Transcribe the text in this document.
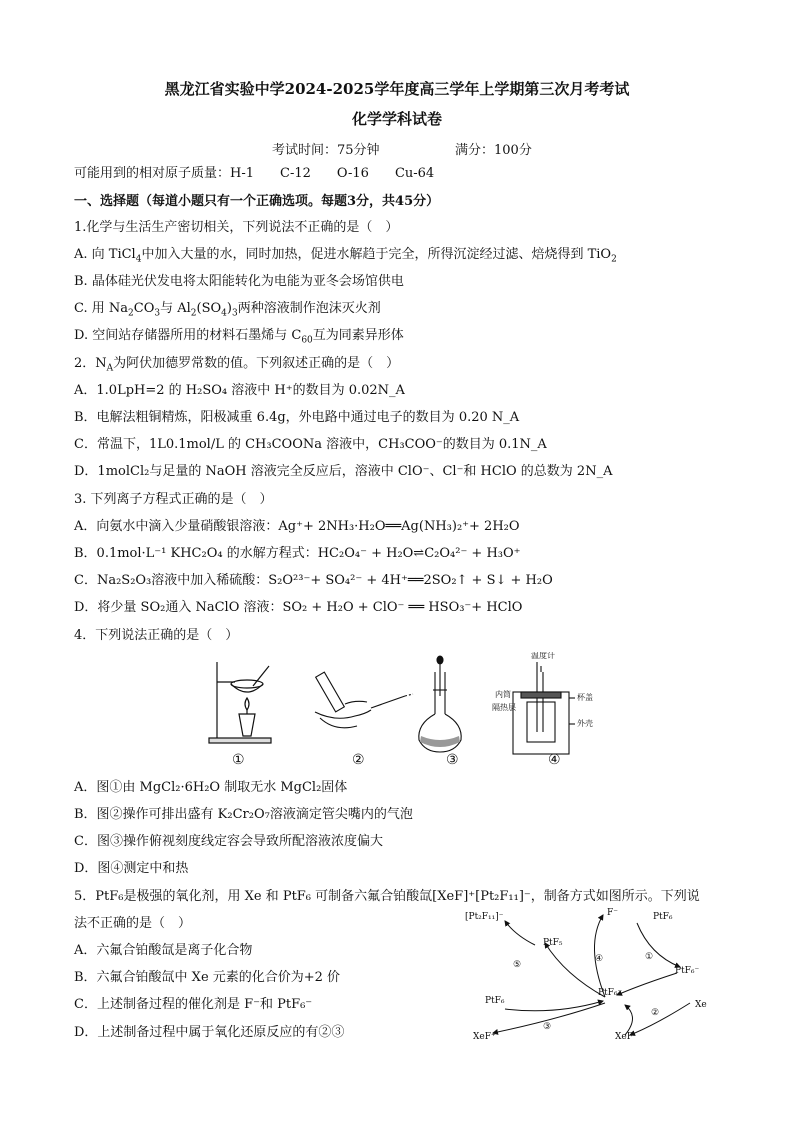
黑龙江省实验中学2024-2025学年度高三学年上学期第三次月考考试
化学学科试卷
考试时间：75分钟	满分：100分
可能用到的相对原子质量：H-1　　C-12　　O-16　　Cu-64
一、选择题（每道小题只有一个正确选项。每题3分，共45分）
1.化学与生活生产密切相关，下列说法不正确的是（　）
A. 向 TiCl$_4$中加入大量的水，同时加热，促进水解趋于完全，所得沉淀经过滤、焙烧得到 TiO$_2$
B. 晶体硅光伏发电将太阳能转化为电能为亚冬会场馆供电
C. 用 $Na_2CO_3$与 $Al_2(SO_4)_3$两种溶液制作泡沫灭火剂
D. 空间站存储器所用的材料石墨烯与 $C_{60}$互为同素异形体
2．$N_A$为阿伏加德罗常数的值。下列叙述正确的是（　）
A．1.0LpH=2 的 H₂SO₄ 溶液中 H⁺的数目为 0.02N_A
B．电解法粗铜精炼，阳极减重 6.4g，外电路中通过电子的数目为 0.20 N_A
C．常温下，1L0.1mol/L 的 CH₃COONa 溶液中，CH₃COO⁻的数目为 0.1N_A
D．1molCl₂与足量的 NaOH 溶液完全反应后，溶液中 ClO⁻、Cl⁻和 HClO 的总数为 2N_A
3. 下列离子方程式正确的是（　）
A．向氨水中滴入少量硝酸银溶液：Ag⁺+ 2NH₃·H₂O══Ag(NH₃)₂⁺+ 2H₂O
B．0.1mol·L⁻¹ KHC₂O₄ 的水解方程式：HC₂O₄⁻ + H₂O⇌C₂O₄²⁻ + H₃O⁺
C．Na₂S₂O₃溶液中加入稀硫酸：S₂O²³⁻+ SO₄²⁻ + 4H⁺══2SO₂↑ + S↓ + H₂O
D．将少量 SO₂通入 NaClO 溶液：SO₂ + H₂O + ClO⁻ ══ HSO₃⁻+ HClO
4．下列说法正确的是（　）
温度计
内筒
隔热层
杯盖
外壳
①	②	③	④
A．图①由 MgCl₂·6H₂O 制取无水 MgCl₂固体
B．图②操作可排出盛有 K₂Cr₂O₇溶液滴定管尖嘴内的气泡
C．图③操作俯视刻度线定容会导致所配溶液浓度偏大
D．图④测定中和热
5．PtF₆是极强的氧化剂，用 Xe 和 PtF₆ 可制备六氟合铂酸氙[XeF]⁺[Pt₂F₁₁]⁻，制备方式如图所示。下列说
法不正确的是（　）
A．六氟合铂酸氙是离子化合物
B．六氟合铂酸氙中 Xe 元素的化合价为+2 价
C．上述制备过程的催化剂是 F⁻和 PtF₆⁻
D．上述制备过程中属于氧化还原反应的有②③
[Pt₂F₁₁]⁻	F⁻	PtF₆
PtF₅
PtF₆⁻
PtF₆
PtF₆⁻
Xe
XeF
XeF⁺
①
②
③
④
⑤
